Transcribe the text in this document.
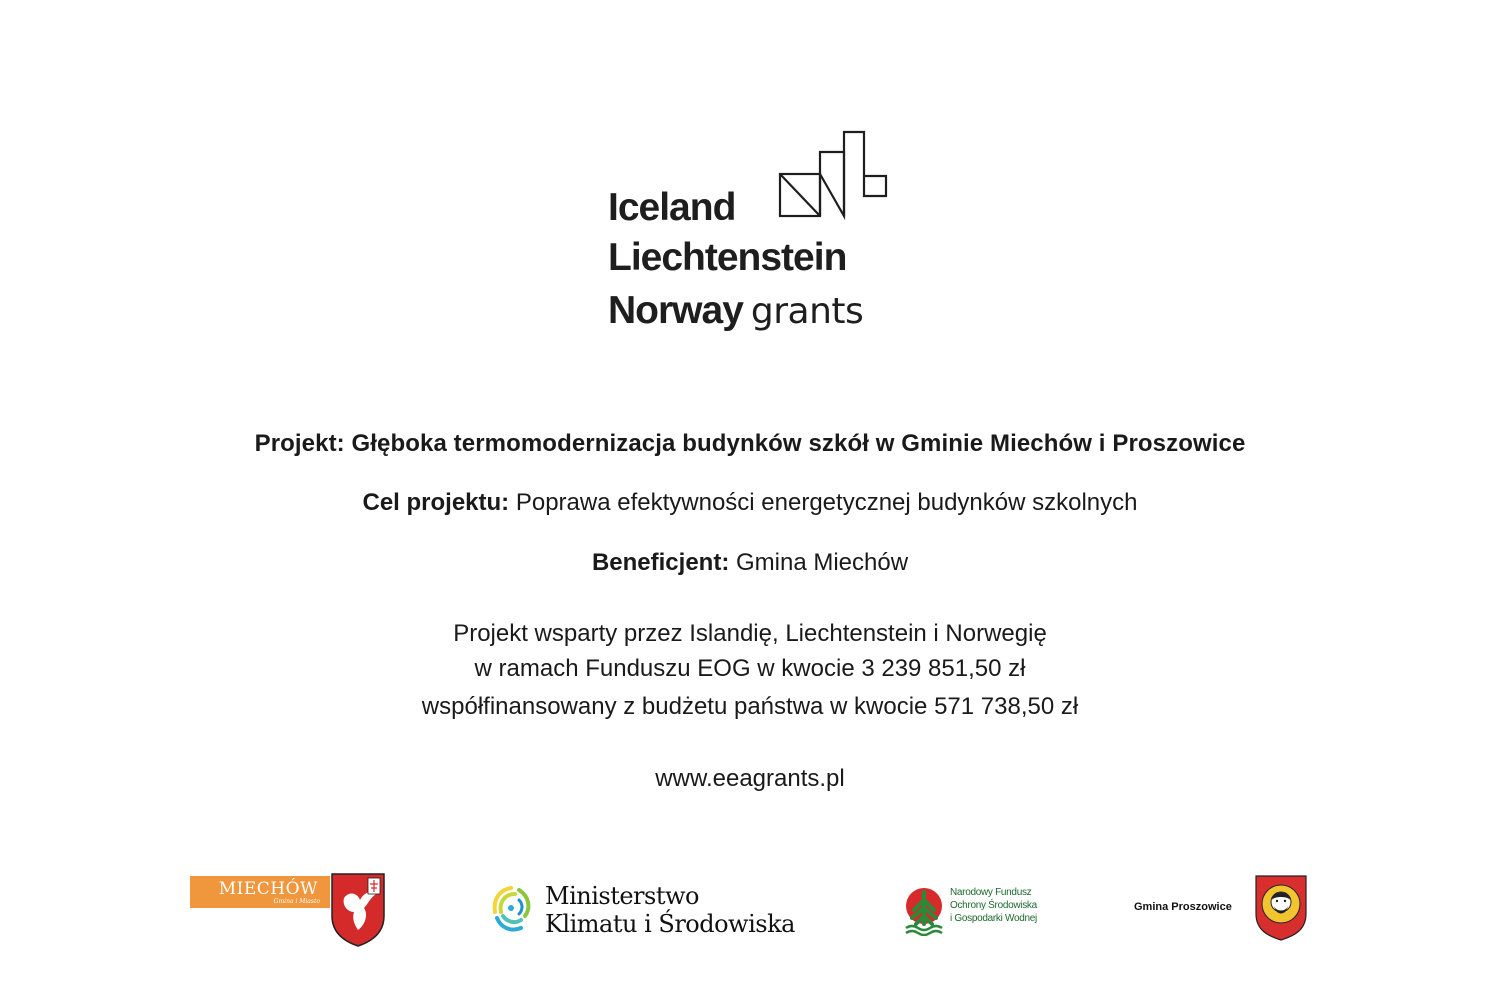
Iceland

Liechtenstein

Norway grants

Projekt: Głęboka termomodernizacja budynków szkół w Gminie Miechów i Proszowice

Cel projektu: Poprawa efektywności energetycznej budynków szkolnych

Beneficjent: Gmina Miechów

Projekt wsparty przez Islandię, Liechtenstein i Norwegię

w ramach Funduszu EOG w kwocie 3 239 851,50 zł

współfinansowany z budżetu państwa w kwocie 571 738,50 zł

www.eeagrants.pl

MIECHÓW
Gmina i Miasto	Ministerstwo
Klimatu i Środowiska

Narodowy Fundusz
Ochrony Środowiska
i Gospodarki Wodnej

Gmina Proszowice
